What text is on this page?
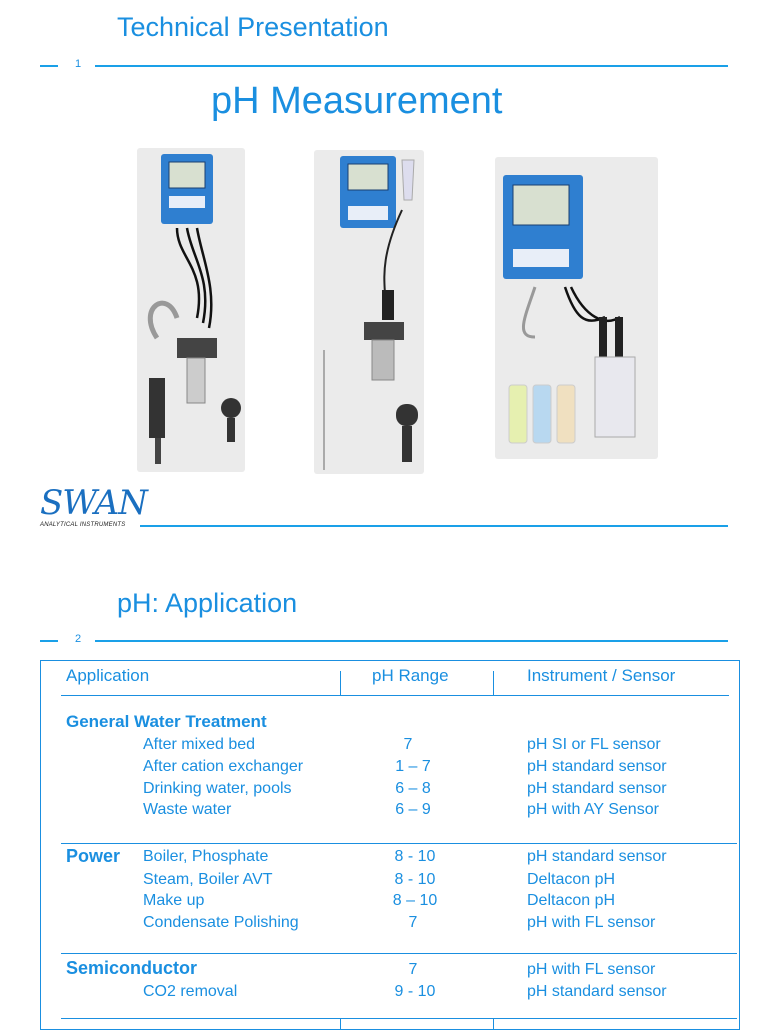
Technical Presentation
1
pH Measurement
SWAN
ANALYTICAL INSTRUMENTS
pH: Application
2
Application	pH Range	Instrument / Sensor
General Water Treatment
After mixed bed	7	pH SI or FL sensor
After cation exchanger	1 – 7	pH standard sensor
Drinking water, pools	6 – 8	pH standard sensor
Waste water	6 – 9	pH with AY Sensor
Power Boiler, Phosphate	8 - 10	pH standard sensor
Steam, Boiler AVT	8 - 10	Deltacon pH
Make up	8 – 10	Deltacon pH
Condensate Polishing	7	pH with FL sensor
Semiconductor	7	pH with FL sensor
CO2 removal	9 - 10	pH standard sensor
